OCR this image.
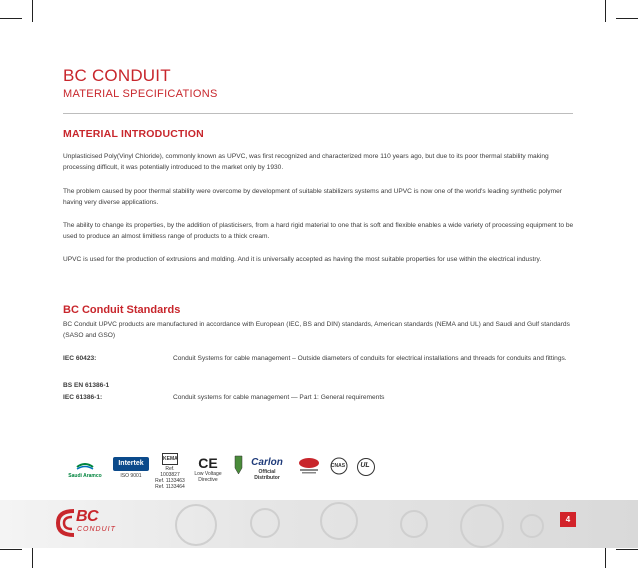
BC CONDUIT
MATERIAL SPECIFICATIONS
MATERIAL INTRODUCTION

Unplasticised Poly(Vinyl Chloride), commonly known as UPVC, was first recognized and characterized more 110 years ago, but due to its poor thermal stability making processing difficult, it was potentially introduced to the market only by 1930.

The problem caused by poor thermal stability were overcome by development of suitable stabilizers systems and UPVC is now one of the world's leading synthetic polymer having very diverse applications.

The ability to change its properties, by the addition of plasticisers, from a hard rigid material to one that is soft and flexible enables a wide variety of processing equipment to be used to produce an almost limitless range of products to a thick cream.

UPVC is used for the production of extrusions and molding. And it is universally accepted as having the most suitable properties for use within the electrical industry.

BC Conduit Standards

BC Conduit UPVC products are manufactured in accordance with European (IEC, BS and DIN) standards, American standards (NEMA and UL) and Saudi and Gulf standards (SASO and GSO)

IEC 60423:	Conduit Systems for cable management – Outside diameters of conduits for electrical installations and threads for conduits and fittings.
BS EN 61386-1
IEC 61386-1:	Conduit systems for cable management — Part 1: General requirements
Saudi Aramco
Intertek
ISO 9001
KEMA
Ref. 1003827
Ref. 1133463
Ref. 1133464
CE
Low Voltage Directive
Carlon
Official Distributor
CNAS	UL
BC
CONDUIT
4
